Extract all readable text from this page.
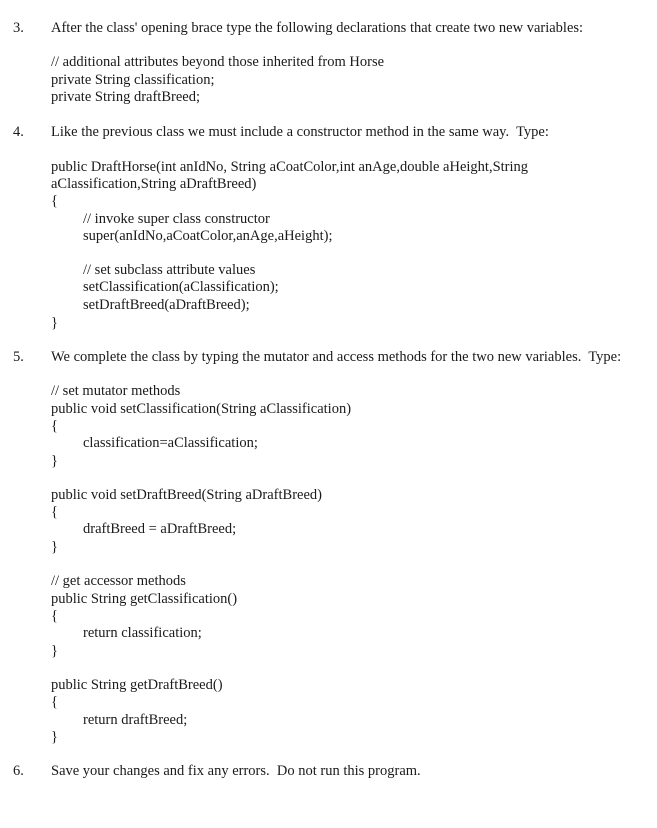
3. After the class' opening brace type the following declarations that create two new variables:
// additional attributes beyond those inherited from Horse
private String classification;
private String draftBreed;
4. Like the previous class we must include a constructor method in the same way.  Type:
public DraftHorse(int anIdNo, String aCoatColor,int anAge,double aHeight,String
aClassification,String aDraftBreed)
{
// invoke super class constructor
super(anIdNo,aCoatColor,anAge,aHeight);
// set subclass attribute values
setClassification(aClassification);
setDraftBreed(aDraftBreed);
}
5. We complete the class by typing the mutator and access methods for the two new variables.  Type:
// set mutator methods
public void setClassification(String aClassification)
{
classification=aClassification;
}
public void setDraftBreed(String aDraftBreed)
{
draftBreed = aDraftBreed;
}
// get accessor methods
public String getClassification()
{
return classification;
}
public String getDraftBreed()
{
return draftBreed;
}
6. Save your changes and fix any errors.  Do not run this program.
